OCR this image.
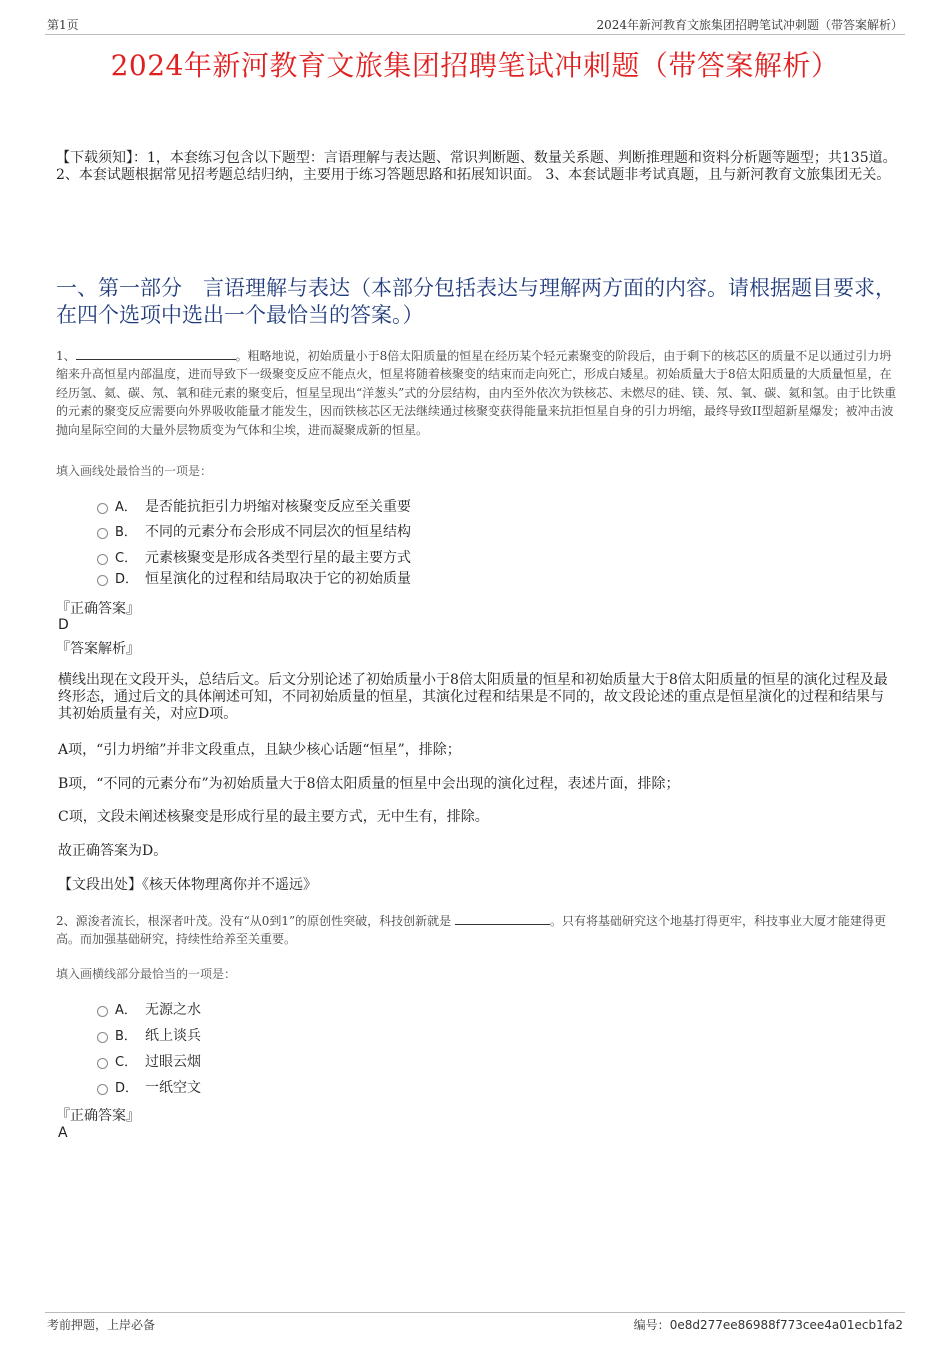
第1页	2024年新河教育文旅集团招聘笔试冲刺题（带答案解析）
2024年新河教育文旅集团招聘笔试冲刺题（带答案解析）
【下载须知】：1，本套练习包含以下题型：言语理解与表达题、常识判断题、数量关系题、判断推理题和资料分析题等题型；共135道。 2、本套试题根据常见招考题总结归纳，主要用于练习答题思路和拓展知识面。 3、本套试题非考试真题，且与新河教育文旅集团无关。
一、第一部分　言语理解与表达（本部分包括表达与理解两方面的内容。请根据题目要求，在四个选项中选出一个最恰当的答案。）
1、	。粗略地说，初始质量小于8倍太阳质量的恒星在经历某个轻元素聚变的阶段后，由于剩下的核芯区的质量不足以通过引力坍缩来升高恒星内部温度，进而导致下一级聚变反应不能点火，恒星将随着核聚变的结束而走向死亡，形成白矮星。初始质量大于8倍太阳质量的大质量恒星，在经历氢、氦、碳、氖、氧和硅元素的聚变后，恒星呈现出“洋葱头”式的分层结构，由内至外依次为铁核芯、未燃尽的硅、镁、氖、氧、碳、氦和氢。由于比铁重的元素的聚变反应需要向外界吸收能量才能发生，因而铁核芯区无法继续通过核聚变获得能量来抗拒恒星自身的引力坍缩，最终导致II型超新星爆发；被冲击波抛向星际空间的大量外层物质变为气体和尘埃，进而凝聚成新的恒星。
填入画线处最恰当的一项是：
A． 是否能抗拒引力坍缩对核聚变反应至关重要
B． 不同的元素分布会形成不同层次的恒星结构
C． 元素核聚变是形成各类型行星的最主要方式
D． 恒星演化的过程和结局取决于它的初始质量
『正确答案』
D
『答案解析』
横线出现在文段开头，总结后文。后文分别论述了初始质量小于8倍太阳质量的恒星和初始质量大于8倍太阳质量的恒星的演化过程及最终形态，通过后文的具体阐述可知，不同初始质量的恒星，其演化过程和结果是不同的，故文段论述的重点是恒星演化的过程和结果与其初始质量有关，对应D项。
A项，“引力坍缩”并非文段重点，且缺少核心话题“恒星”，排除；
B项，“不同的元素分布”为初始质量大于8倍太阳质量的恒星中会出现的演化过程，表述片面，排除；
C项，文段未阐述核聚变是形成行星的最主要方式，无中生有，排除。
故正确答案为D。
【文段出处】《核天体物理离你并不遥远》
2、源浚者流长，根深者叶茂。没有“从0到1”的原创性突破，科技创新就是	。只有将基础研究这个地基打得更牢，科技事业大厦才能建得更高。而加强基础研究，持续性给养至关重要。
填入画横线部分最恰当的一项是：
A． 无源之水
B． 纸上谈兵
C． 过眼云烟
D． 一纸空文
『正确答案』
A
考前押题，上岸必备	编号：0e8d277ee86988f773cee4a01ecb1fa2
